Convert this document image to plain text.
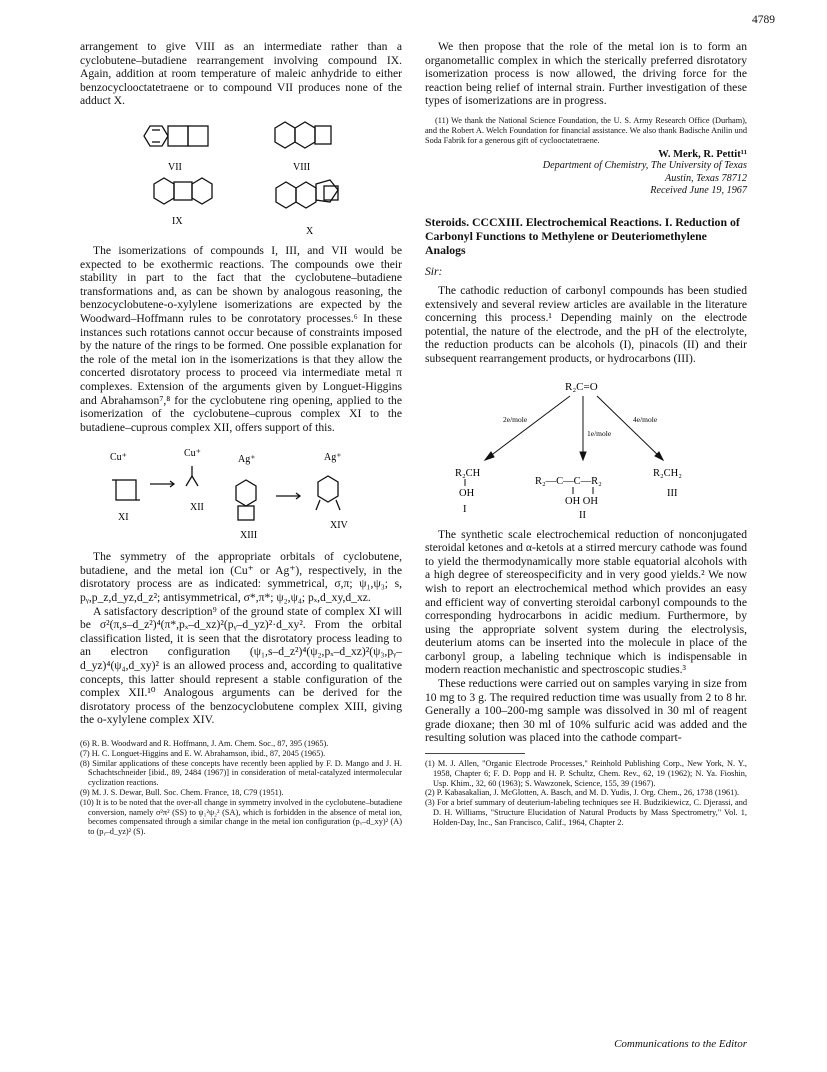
4789

arrangement to give VIII as an intermediate rather than a cyclobutene–butadiene rearrangement involving compound IX. Again, addition at room temperature of maleic anhydride to either benzocyclooctatetraene or to compound VII produces none of the adduct X.

VII	VIII
IX
X

The isomerizations of compounds I, III, and VII would be expected to be exothermic reactions. The compounds owe their stability in part to the fact that the cyclobutene–butadiene transformations and, as can be shown by analogous reasoning, the benzocyclobutene-o-xylylene isomerizations are expected by the Woodward–Hoffmann rules to be conrotatory processes.⁶ In these instances such rotations cannot occur because of constraints imposed by the nature of the rings to be formed. One possible explanation for the role of the metal ion in the isomerizations is that they allow the concerted disrotatory process to proceed via intermediate metal π complexes. Extension of the arguments given by Longuet-Higgins and Abrahamson⁷,⁸ for the cyclobutene ring opening, applied to the isomerization of the cyclobutene–cuprous complex XI to the butadiene–cuprous complex XII, offers support of this.

Cu⁺	Cu⁺
Ag⁺	Ag⁺
XI
XII
XIII
XIV

The symmetry of the appropriate orbitals of cyclobutene, butadiene, and the metal ion (Cu⁺ or Ag⁺), respectively, in the disrotatory process are as indicated: symmetrical, σ,π; ψ₁,ψ₃; s, pᵧ,p_z,d_yz,d_z²; antisymmetrical, σ*,π*; ψ₂,ψ₄; pₓ,d_xy,d_xz.

A satisfactory description⁹ of the ground state of complex XI will be σ²(π,s–d_z²)⁴(π*,pₓ–d_xz)²(pᵧ–d_yz)²·d_xy². From the orbital classification listed, it is seen that the disrotatory process leading to an electron configuration (ψ₁,s–d_z²)⁴(ψ₂,pₓ–d_xz)²(ψ₃,pᵧ–d_yz)⁴(ψ₄,d_xy)² is an allowed process and, according to qualitative concepts, this latter should represent a stable configuration of the complex XII.¹⁰ Analogous arguments can be derived for the disrotatory process of the benzocyclobutene complex XIII, giving the o-xylylene complex XIV.

(6) R. B. Woodward and R. Hoffmann, J. Am. Chem. Soc., 87, 395 (1965).

(7) H. C. Longuet-Higgins and E. W. Abrahamson, ibid., 87, 2045 (1965).

(8) Similar applications of these concepts have recently been applied by F. D. Mango and J. H. Schachtschneider [ibid., 89, 2484 (1967)] in consideration of metal-catalyzed intermolecular cyclization reactions.

(9) M. J. S. Dewar, Bull. Soc. Chem. France, 18, C79 (1951).

(10) It is to be noted that the over-all change in symmetry involved in the cyclobutene–butadiene conversion, namely σ²π² (SS) to ψ₁²ψ₂² (SA), which is forbidden in the absence of metal ion, becomes compensated through a similar change in the metal ion configuration (pₓ–d_xy)² (A) to (pᵧ–d_yz)² (S).

We then propose that the role of the metal ion is to form an organometallic complex in which the sterically preferred disrotatory isomerization process is now allowed, the driving force for the reaction being relief of internal strain. Further investigation of these types of isomerizations are in progress.

(11) We thank the National Science Foundation, the U. S. Army Research Office (Durham), and the Robert A. Welch Foundation for financial assistance. We also thank Badische Anilin und Soda Fabrik for a generous gift of cyclooctatetraene.

W. Merk, R. Pettit¹¹
Department of Chemistry, The University of Texas
Austin, Texas 78712
Received June 19, 1967
Steroids. CCCXIII. Electrochemical Reactions. I. Reduction of Carbonyl Functions to Methylene or Deuteriomethylene Analogs
Sir:

The cathodic reduction of carbonyl compounds has been studied extensively and several review articles are available in the literature concerning this process.¹ Depending mainly on the electrode potential, the nature of the electrode, and the pH of the electrolyte, the reduction products can be alcohols (I), pinacols (II) and their subsequent rearrangement products, or hydrocarbons (III).

R₂C=O
2e/mole
1e/mole
4e/mole
R₂CH
OH
I
R₂—C—C—R₂
OH OH
II
R₂CH₂
III

The synthetic scale electrochemical reduction of nonconjugated steroidal ketones and α-ketols at a stirred mercury cathode was found to yield the thermodynamically more stable equatorial alcohols with a high degree of stereospecificity and in very good yields.² We now wish to report an electrochemical method which provides an easy and efficient way of converting steroidal carbonyl compounds to the corresponding hydrocarbons in acidic medium. Furthermore, by using the appropriate solvent system during the electrolysis, deuterium atoms can be inserted into the molecule in place of the carbonyl group, a labeling technique which is indispensable in modern reaction mechanistic and spectroscopic studies.³

These reductions were carried out on samples varying in size from 10 mg to 3 g. The required reduction time was usually from 2 to 8 hr. Generally a 100–200-mg sample was dissolved in 30 ml of reagent grade dioxane; then 30 ml of 10% sulfuric acid was added and the resulting solution was placed into the cathode compart-

(1) M. J. Allen, "Organic Electrode Processes," Reinhold Publishing Corp., New York, N. Y., 1958, Chapter 6; F. D. Popp and H. P. Schultz, Chem. Rev., 62, 19 (1962); N. Ya. Fioshin, Usp. Khim., 32, 60 (1963); S. Wawzonek, Science, 155, 39 (1967).

(2) P. Kabasakalian, J. McGlotten, A. Basch, and M. D. Yudis, J. Org. Chem., 26, 1738 (1961).

(3) For a brief summary of deuterium-labeling techniques see H. Budzikiewicz, C. Djerassi, and D. H. Williams, "Structure Elucidation of Natural Products by Mass Spectrometry," Vol. 1, Holden-Day, Inc., San Francisco, Calif., 1964, Chapter 2.

Communications to the Editor
